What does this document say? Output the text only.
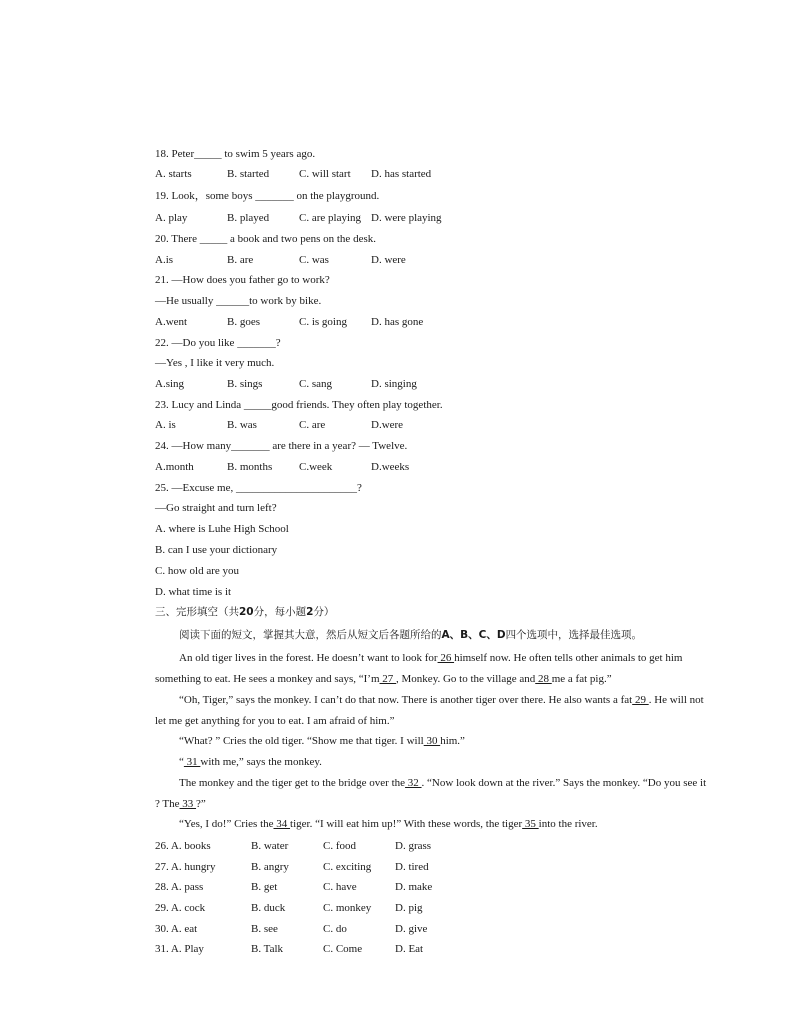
18. Peter_____ to swim 5 years ago.
A. starts	B. started	C. will start D. has started
19. Look，some boys _______ on the playground.
A. play	B. played	C. are playing D. were playing
20. There _____ a book and two pens on the desk.
A.is	B. are	C. was	D. were
21. —How does you father go to work?
—He usually ______to work by bike.
A.went	B. goes	C. is going D. has gone
22. —Do you like _______?
—Yes , I like it very much.
A.sing	B. sings	C. sang	D. singing
23. Lucy and Linda _____good friends. They often play together.
A. is	B. was	C. are	D.were
24. —How many_______ are there in a year? — Twelve.
A.month	B. months C.week	D.weeks
25. —Excuse me, ______________________?
—Go straight and turn left?
A. where is Luhe High School
B. can I use your dictionary
C. how old are you
D. what time is it
三、完形填空（共20分，每小题2分）
阅读下面的短文，掌握其大意，然后从短文后各题所给的A、B、C、D四个选项中，选择最佳选项。
An old tiger lives in the forest. He doesn’t want to look for 26 himself now. He often tells other animals to get him something to eat. He sees a monkey and says, “I’m 27 , Monkey. Go to the village and 28 me a fat pig.”
“Oh, Tiger,” says the monkey. I can’t do that now. There is another tiger over there. He also wants a fat 29 . He will not let me get anything for you to eat. I am afraid of him.”
“What? ” Cries the old tiger. “Show me that tiger. I will 30 him.”
“ 31 with me,” says the monkey.
The monkey and the tiger get to the bridge over the 32 . “Now look down at the river.” Says the monkey. “Do you see it ? The 33 ?”
“Yes, I do!” Cries the 34 tiger. “I will eat him up!” With these words, the tiger 35 into the river.
26. A. books	B. water	C. food	D. grass
27. A. hungry	B. angry	C. exciting D. tired
28. A. pass	B. get	C. have	D. make
29. A. cock	B. duck	C. monkey D. pig
30. A. eat	B. see	C. do	D. give
31. A. Play	B. Talk	C. Come	D. Eat
